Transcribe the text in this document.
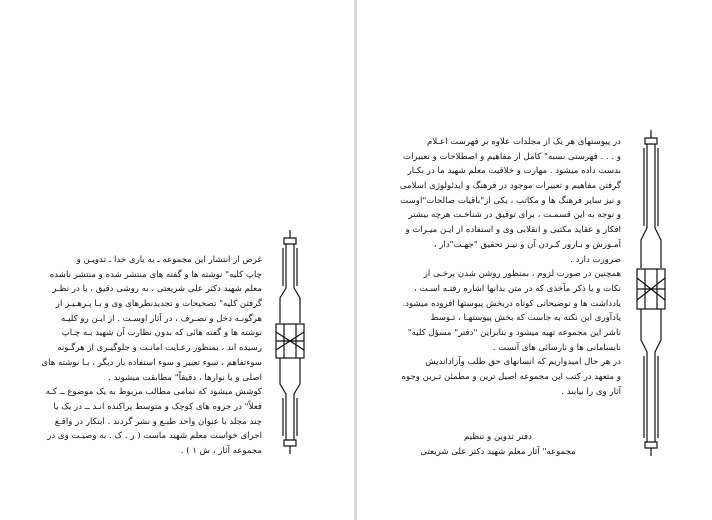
غرض از انتشار این مجموعه ـ به یاری خدا ـ تدویـن و
چاپ کلیه" نوشته ها و گفته های منتشر شده و منتشر ناشده
معلم شهید دکتر علی شریعتی ، به روشی دقیق ، با در نظـر
گرفتن کلیه" تصحیحات و تجدیدنظرهای وی و بـا پـرهـیـز از
هرگونـه دخل و تصـرف ، در آثار اوسـت . از ایـن رو کلیـه
نوشته ها و گفته هائی که بدون نظارت آن شهید بـه چـاپ
رسیده اند ، بمنظور رعـایت امانـت و جلوگیـری از هرگـونه
سوءتفاهم ، سوء تعبیر و سوء استفاده بار دیگر ، بـا نوشته های
اصلی و یا نوارها ، دقیقاً" مطابقت میشوند .
کوشش میشود که تمامی مطالب مربوط به یک موضوع ــ کـه
فعلاً" در جزوه های کوچک و متوسط پراکنده انـد ــ در یک یا
چند مجلد با عنوان واحد طبـع و نشر گردند . ابتکار در واقـع
اجرای خواست معلم شهید ماست ( ر . ک . به وصیـت وی در
مجموعه آثار ، ش ۱ ) .
در پیوستهای هر یک از مجلدات علاوه بر فهرست اعـلام
و . . . فهرستی نسبه" کامل از مفاهیم و اصطلاحات و تعبیرات
بدست داده میشود . مهارت و خلاقیت معلم شهید ما در بکـار
گرفتن مفاهیم و تعبیرات موجود در فرهنگ و ایدئولوژی اسلامی
و نیز سایر فرهنگ ها و مکاتب ، یکی از"باقیات صالحات"اوست
و توجه به این قسمـت ، برای توفیق در شناخـت هرچه بیشتر
افکار و عقاید مکتبی و انقلابی وی و استفاده از ایـن میـراث و
آمـوزش و بـارور کـردن آن و نیـز تحقیق "جهـت"دار ،
ضرورت دارد .
همچنین در صورت لزوم ، بمنظور روشن شدن برخـی از
نکات و یا ذکر مآخذی که در متن بدانها اشاره رفتـه اسـت ،
یادداشت ها و توضیحاتی کوتاه دربخش پیوستها افزوده میشود.
یادآوری این نکته به جاست که بخش پیوستهـا ، تـوسط
ناشر این مجموعه تهیه میشود و بنابراین "دفتر" مسؤل کلیه"
نابسامانی ها و نارسائی های آنست .
در هر حال امیدواریم که انسانهای حق طلب وآزاداندیش
و متعهد در کتب این مجموعه اصیل ترین و مطمئن تـرین وجوه
آثار وی را بیابند .
دفتر تدوین و تنظیم
مجموعه" آثار معلم شهید دکتر علی شریعتی
